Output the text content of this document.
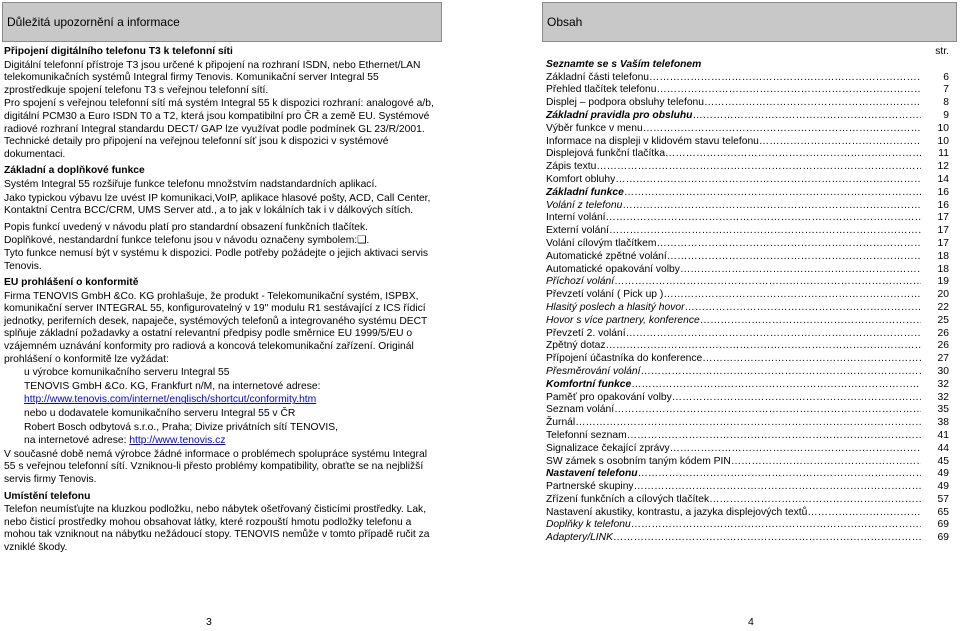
Důležitá upozornění a informace

Připojení digitálního telefonu T3 k telefonní síti

Digitální telefonní přístroje T3 jsou určené k připojení na rozhraní ISDN, nebo Ethernet/LAN telekomunikačních systémů Integral firmy Tenovis. Komunikační server Integral 55 zprostředkuje spojení telefonu T3 s veřejnou telefonní sítí.

Pro spojení s veřejnou telefonní sítí má systém Integral 55 k dispozici rozhraní: analogové a/b, digitální PCM30 a Euro ISDN T0 a T2, která jsou kompatibilní pro ČR a země EU. Systémové radiové rozhraní Integral standardu DECT/ GAP lze využívat podle podmínek GL 23/R/2001. Technické detaily pro připojení na veřejnou telefonní síť jsou k dispozici v systémové dokumentaci.

Základní a doplňkové funkce

Systém Integral 55 rozšiřuje funkce telefonu množstvím nadstandardních aplikací.

Jako typickou výbavu lze uvést IP komunikaci,VoIP, aplikace hlasové pošty, ACD, Call Center, Kontaktní Centra BCC/CRM, UMS Server atd., a to jak v lokálních tak i v dálkových sítích.

Popis funkcí uvedený v návodu platí pro standardní obsazení funkčních tlačítek.

Doplňkové, nestandardní funkce telefonu jsou v návodu označeny symbolem:❑.

Tyto funkce nemusí být v systému k dispozici. Podle potřeby požádejte o jejich aktivaci servis Tenovis.

EU prohlášení o konformitě

Firma TENOVIS GmbH &Co. KG prohlašuje, že produkt - Telekomunikační systém, ISPBX, komunikační server INTEGRAL 55, konfigurovatelný v 19" modulu R1 sestávající z ICS řídicí jednotky, periferních desek, napaječe, systémových telefonů a integrovaného systému DECT splňuje základní požadavky a ostatní relevantní předpisy podle směrnice EU 1999/5/EU o vzájemném uznávání konformity pro radiová a koncová telekomunikační zařízení. Originál prohlášení o konformitě lze vyžádat:

u výrobce komunikačního serveru Integral 55

TENOVIS GmbH &Co. KG, Frankfurt n/M, na internetové adrese:

http://www.tenovis.com/internet/englisch/shortcut/conformity.htm

nebo u dodavatele komunikačního serveru Integral 55 v ČR

Robert Bosch odbytová s.r.o., Praha; Divize privátních sítí TENOVIS,

na internetové adrese: http://www.tenovis.cz

V současné době nemá výrobce žádné informace o problémech spolupráce systému Integral 55 s veřejnou telefonní sítí. Vzniknou-li přesto problémy kompatibility, obraťte se na nejbližší servis firmy Tenovis.

Umístění telefonu

Telefon neumísťujte na kluzkou podložku, nebo nábytek ošetřovaný čisticími prostředky. Lak, nebo čisticí prostředky mohou obsahovat látky, které rozpouští hmotu podložky telefonu a mohou tak vzniknout na nábytku nežádoucí stopy. TENOVIS nemůže v tomto případě ručit za vzniklé škody.

Obsah
str.
Seznamte se s Vaším telefonem
Základní části telefonu …………………………………………………………………………………………………………………	6
Přehled tlačítek telefonu …………………………………………………………………………………………………………………	7
Displej – podpora obsluhy telefonu …………………………………………………………………………………………………………………	8
Základní pravidla pro obsluhu …………………………………………………………………………………………………………………	9
Výběr funkce v menu …………………………………………………………………………………………………………………	10
Informace na displeji v klidovém stavu telefonu …………………………………………………………………………………………………………………	10
Displejová funkční tlačítka …………………………………………………………………………………………………………………	11
Zápis textu …………………………………………………………………………………………………………………	12
Komfort obluhy …………………………………………………………………………………………………………………	14
Základní funkce …………………………………………………………………………………………………………………	16
Volání z telefonu …………………………………………………………………………………………………………………	16
Interní volání …………………………………………………………………………………………………………………	17
Externí volání …………………………………………………………………………………………………………………	17
Volání cílovým tlačítkem …………………………………………………………………………………………………………………	17
Automatické zpětné volání …………………………………………………………………………………………………………………	18
Automatické opakování volby …………………………………………………………………………………………………………………	18
Příchozí volání …………………………………………………………………………………………………………………	19
Převzetí volání ( Pick up ) …………………………………………………………………………………………………………………	20
Hlasitý poslech a hlasitý hovor …………………………………………………………………………………………………………………	22
Hovor s více partnery, konference …………………………………………………………………………………………………………………	25
Převzetí 2. volání …………………………………………………………………………………………………………………	26
Zpětný dotaz …………………………………………………………………………………………………………………	26
Přípojení účastníka do konference …………………………………………………………………………………………………………………	27
Přesměrování volání …………………………………………………………………………………………………………………	30
Komfortní funkce …………………………………………………………………………………………………………………	32
Paměť pro opakování volby …………………………………………………………………………………………………………………	32
Seznam volání …………………………………………………………………………………………………………………	35
Žurnál …………………………………………………………………………………………………………………	38
Telefonní seznam …………………………………………………………………………………………………………………	41
Signalizace čekající zprávy …………………………………………………………………………………………………………………	44
SW zámek s osobním taným kódem PIN …………………………………………………………………………………………………………………	45
Nastavení telefonu …………………………………………………………………………………………………………………	49
Partnerské skupiny …………………………………………………………………………………………………………………	49
Zřízení funkčních a cílových tlačítek …………………………………………………………………………………………………………………	57
Nastavení akustiky, kontrastu, a jazyka displejových textů …………………………………………………………………………………………………………………	65
Doplňky k telefonu …………………………………………………………………………………………………………………	69
Adaptery/LINK …………………………………………………………………………………………………………………	69
3	4
